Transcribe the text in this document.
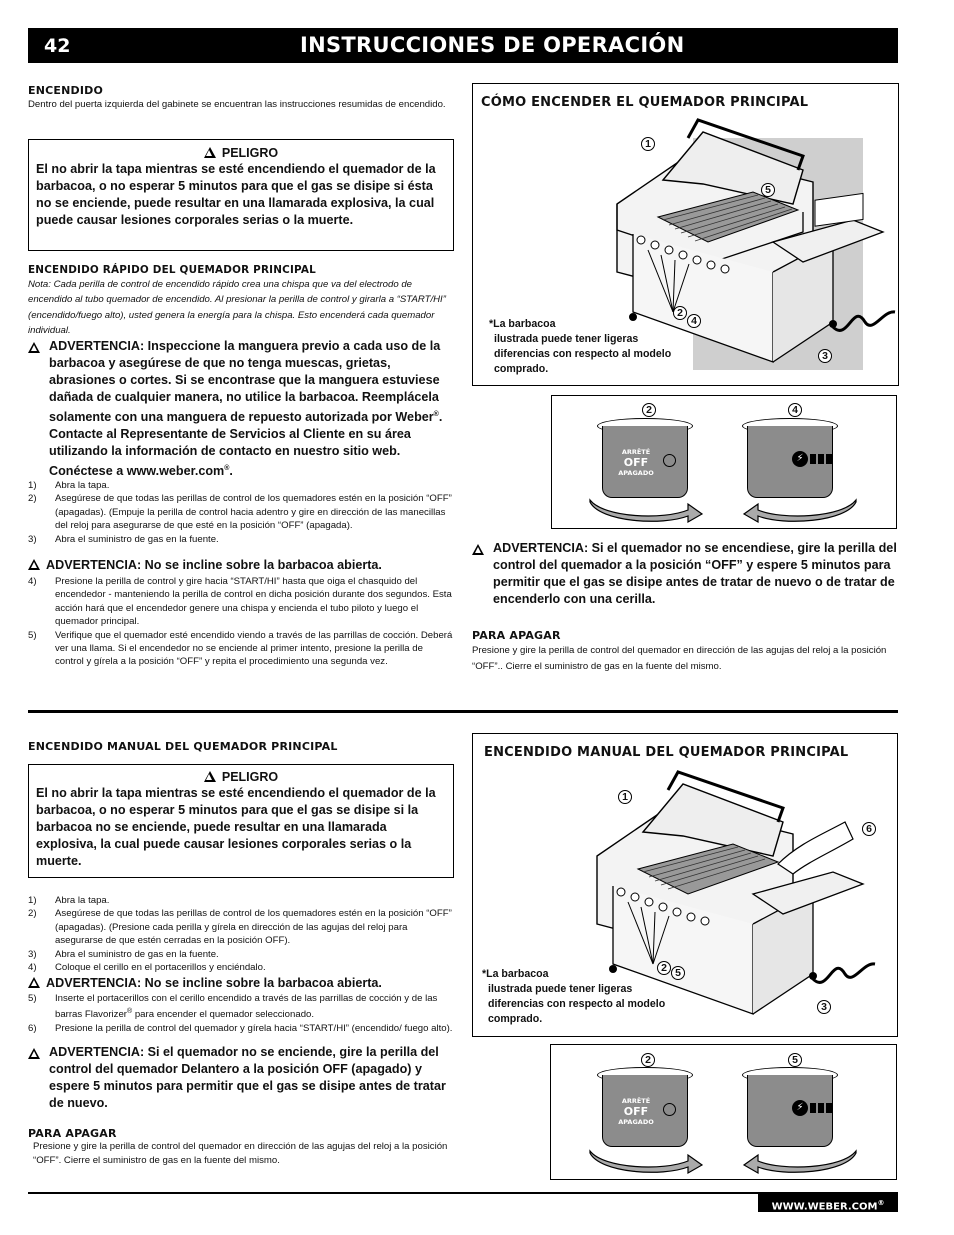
42	INSTRUCCIONES DE OPERACIÓN
ENCENDIDO
Dentro del puerta izquierda del gabinete se encuentran las instrucciones resumidas de encendido.
PELIGRO
El no abrir la tapa mientras se esté encendiendo el quemador de la barbacoa, o no esperar 5 minutos para que el gas se disipe si ésta no se enciende, puede resultar en una llamarada explosiva, la cual puede causar lesiones corporales serias o la muerte.
ENCENDIDO RÁPIDO DEL QUEMADOR PRINCIPAL
Nota: Cada perilla de control de encendido rápido crea una chispa que va del electrodo de encendido al tubo quemador de encendido. Al presionar la perilla de control y girarla a “START/HI” (encendido/fuego alto), usted genera la energía para la chispa. Esto encenderá cada quemador individual.
ADVERTENCIA: Inspeccione la manguera previo a cada uso de la barbacoa y asegúrese de que no tenga muescas, grietas, abrasiones o cortes. Si se encontrase que la manguera estuviese dañada de cualquier manera, no utilice la barbacoa. Reemplácela solamente con una manguera de repuesto autorizada por Weber®. Contacte al Representante de Servicios al Cliente en su área utilizando la información de contacto en nuestro sitio web. Conéctese a www.weber.com®.
1) Abra la tapa.
2) Asegúrese de que todas las perillas de control de los quemadores estén en la posición “OFF” (apagadas). (Empuje la perilla de control hacia adentro y gire en dirección de las manecillas del reloj para asegurarse de que esté en la posición “OFF” (apagada).
3) Abra el suministro de gas en la fuente.
ADVERTENCIA: No se incline sobre la barbacoa abierta.
4) Presione la perilla de control y gire hacia “START/HI” hasta que oiga el chasquido del encendedor - manteniendo la perilla de control en dicha posición durante dos segundos. Esta acción hará que el encendedor genere una chispa y encienda el tubo piloto y luego el quemador principal.
5) Verifique que el quemador esté encendido viendo a través de las parrillas de cocción. Deberá ver una llama. Si el encendedor no se enciende al primer intento, presione la perilla de control y gírela a la posición “OFF” y repita el procedimiento una segunda vez.
CÓMO ENCENDER EL QUEMADOR PRINCIPAL
1
5
2
4
3
*La barbacoa
ilustrada puede tener ligeras
diferencias con respecto al modelo
comprado.
2	4
ARRÊTÉ
OFF
APAGADO
⚡
ADVERTENCIA: Si el quemador no se encendiese, gire la perilla del control del quemador a la posición “OFF” y espere 5 minutos para permitir que el gas se disipe antes de tratar de nuevo o de tratar de encenderlo con una cerilla.
PARA APAGAR
Presione y gire la perilla de control del quemador en dirección de las agujas del reloj a la posición “OFF”.. Cierre el suministro de gas en la fuente del mismo.
ENCENDIDO MANUAL DEL QUEMADOR PRINCIPAL
PELIGRO
El no abrir la tapa mientras se esté encendiendo el quemador de la barbacoa, o no esperar 5 minutos para que el gas se disipe si la barbacoa no se enciende, puede resultar en una llamarada explosiva, la cual puede causar lesiones corporales serias o la muerte.
1) Abra la tapa.
2) Asegúrese de que todas las perillas de control de los quemadores estén en la posición “OFF” (apagadas). (Presione cada perilla y gírela en dirección de las agujas del reloj para asegurarse de que estén cerradas en la posición OFF).
3) Abra el suministro de gas en la fuente.
4) Coloque el cerillo en el portacerillos y enciéndalo.
ADVERTENCIA: No se incline sobre la barbacoa abierta.
5) Inserte el portacerillos con el cerillo encendido a través de las parrillas de cocción y de las barras Flavorizer® para encender el quemador seleccionado.
6) Presione la perilla de control del quemador y gírela hacia “START/HI” (encendido/ fuego alto).
ADVERTENCIA: Si el quemador no se enciende, gire la perilla del control del quemador Delantero a la posición OFF (apagado) y espere 5 minutos para permitir que el gas se disipe antes de tratar de nuevo.
PARA APAGAR
Presione y gire la perilla de control del quemador en dirección de las agujas del reloj a la posición “OFF”. Cierre el suministro de gas en la fuente del mismo.
ENCENDIDO MANUAL DEL QUEMADOR PRINCIPAL
1
6
2 5
3
*La barbacoa
ilustrada puede tener ligeras
diferencias con respecto al modelo
comprado.
2	5
ARRÊTÉ
OFF
APAGADO
⚡
WWW.WEBER.COM®
